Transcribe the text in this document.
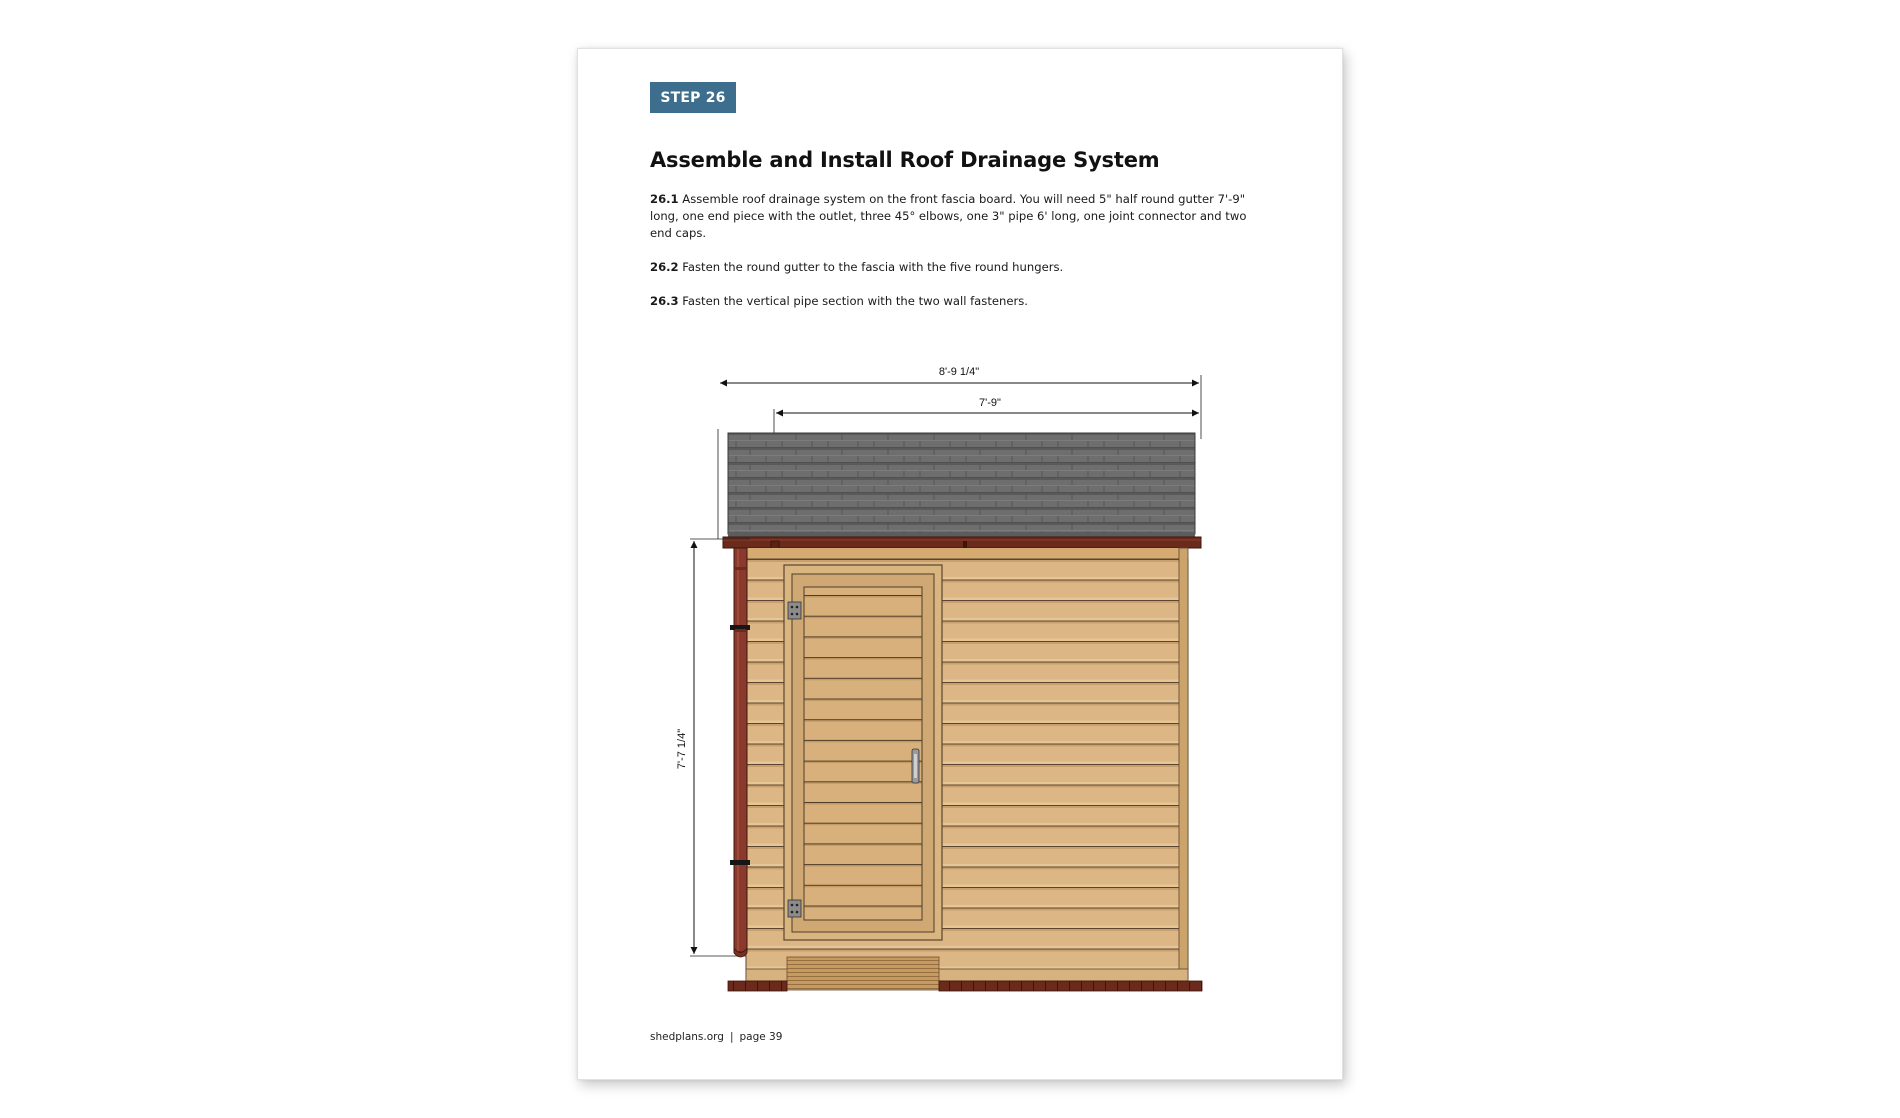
STEP 26
Assemble and Install Roof Drainage System

26.1 Assemble roof drainage system on the front fascia board. You will need 5" half round gutter 7'-9" long, one end piece with the outlet, three 45° elbows, one 3" pipe 6' long, one joint connector and two end caps.

26.2 Fasten the round gutter to the fascia with the five round hungers.

26.3 Fasten the vertical pipe section with the two wall fasteners.

8'-9 1/4"
7'-9"
7'-7 1/4"
shedplans.org | page 39
